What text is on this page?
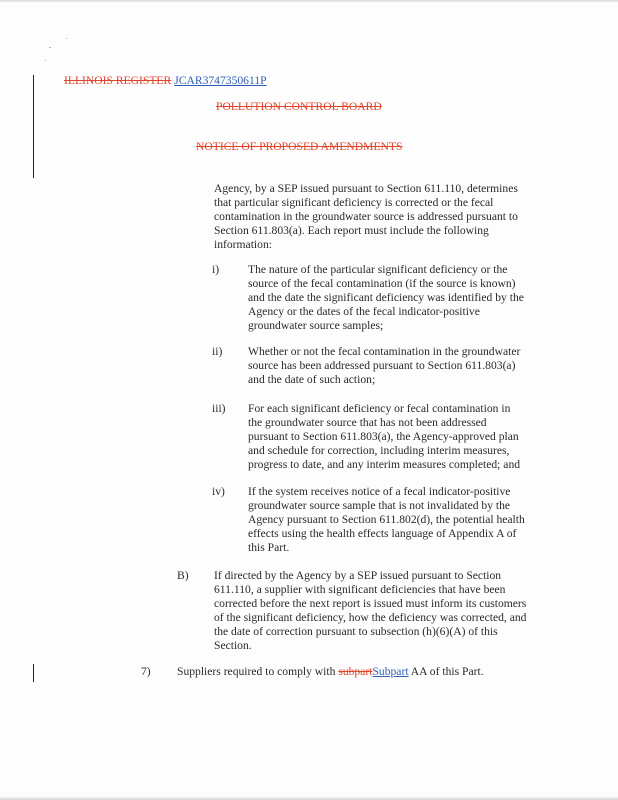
ILLINOIS REGISTER JCAR3747350611P
POLLUTION CONTROL BOARD
NOTICE OF PROPOSED AMENDMENTS
Agency, by a SEP issued pursuant to Section 611.110, determines
that particular significant deficiency is corrected or the fecal
contamination in the groundwater source is addressed pursuant to
Section 611.803(a). Each report must include the following
information:
i) The nature of the particular significant deficiency or the
source of the fecal contamination (if the source is known)
and the date the significant deficiency was identified by the
Agency or the dates of the fecal indicator-positive
groundwater source samples;
ii) Whether or not the fecal contamination in the groundwater
source has been addressed pursuant to Section 611.803(a)
and the date of such action;
iii) For each significant deficiency or fecal contamination in
the groundwater source that has not been addressed
pursuant to Section 611.803(a), the Agency-approved plan
and schedule for correction, including interim measures,
progress to date, and any interim measures completed; and
iv) If the system receives notice of a fecal indicator-positive
groundwater source sample that is not invalidated by the
Agency pursuant to Section 611.802(d), the potential health
effects using the health effects language of Appendix A of
this Part.
B) If directed by the Agency by a SEP issued pursuant to Section
611.110, a supplier with significant deficiencies that have been
corrected before the next report is issued must inform its customers
of the significant deficiency, how the deficiency was corrected, and
the date of correction pursuant to subsection (h)(6)(A) of this
Section.
7) Suppliers required to comply with subpartSubpart AA of this Part.
